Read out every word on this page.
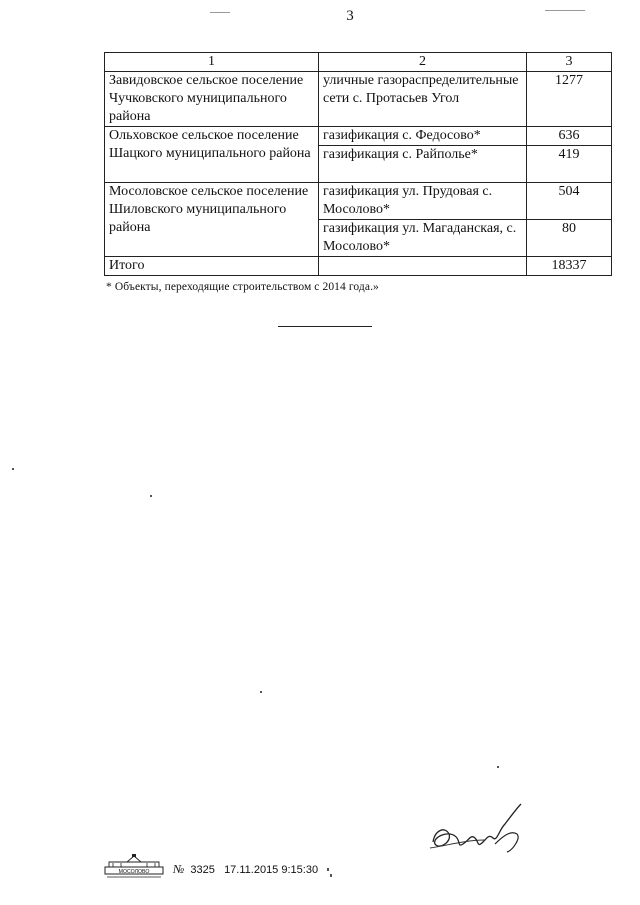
3
1	2	3
Завидовское сельское поселение Чучковского муниципального района	уличные газораспределительные сети с. Протасьев Угол	1277
Ольховское сельское поселение Шацкого муниципального района	газификация с. Федосово*	636
	газификация с. Райполье*	419
Мосоловское сельское поселение Шиловского муниципального района	газификация ул. Прудовая с. Мосолово*	504
	газификация ул. Магаданская, с. Мосолово*	80
Итого		18337
* Объекты, переходящие строительством с 2014 года.»
МОСОЛОВО № 3325 17.11.2015 9:15:30
